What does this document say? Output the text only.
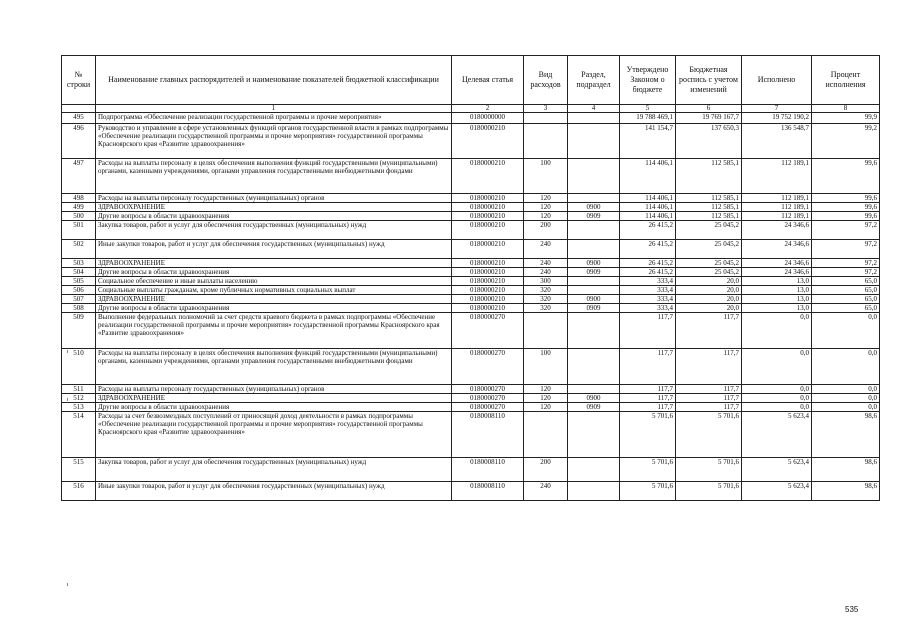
№ строки	Наименование главных распорядителей и наименование показателей бюджетной классификации	Целевая статья	Вид расходов	Раздел, подраздел	Утверждено Законом о бюджете	Бюджетная роспись с учетом изменений	Исполнено	Процент исполнения
	1	2	3	4	5	6	7	8
495	Подпрограмма «Обеспечение реализации государственной программы и прочие мероприятия»	0180000000			19 788 469,1	19 769 167,7	19 752 190,2	99,9
496	Руководство и управление в сфере установленных функций органов государственной власти в рамках подпрограммы «Обеспечение реализации государственной программы и прочие мероприятия» государственной программы Красноярского края «Развитие здравоохранения»	0180000210			141 154,7	137 650,3	136 548,7	99,2
497	Расходы на выплаты персоналу в целях обеспечения выполнения функций государственными (муниципальными) органами, казенными учреждениями, органами управления государственными внебюджетными фондами	0180000210	100		114 406,1	112 585,1	112 189,1	99,6
498	Расходы на выплаты персоналу государственных (муниципальных) органов	0180000210	120		114 406,1	112 585,1	112 189,1	99,6
499	ЗДРАВООХРАНЕНИЕ	0180000210	120	0900	114 406,1	112 585,1	112 189,1	99,6
500	Другие вопросы в области здравоохранения	0180000210	120	0909	114 406,1	112 585,1	112 189,1	99,6
501	Закупка товаров, работ и услуг для обеспечения государственных (муниципальных) нужд	0180000210	200		26 415,2	25 045,2	24 346,6	97,2
502	Иные закупки товаров, работ и услуг для обеспечения государственных (муниципальных) нужд	0180000210	240		26 415,2	25 045,2	24 346,6	97,2
503	ЗДРАВООХРАНЕНИЕ	0180000210	240	0900	26 415,2	25 045,2	24 346,6	97,2
504	Другие вопросы в области здравоохранения	0180000210	240	0909	26 415,2	25 045,2	24 346,6	97,2
505	Социальное обеспечение и иные выплаты населению	0180000210	300		333,4	20,0	13,0	65,0
506	Социальные выплаты гражданам, кроме публичных нормативных социальных выплат	0180000210	320		333,4	20,0	13,0	65,0
507	ЗДРАВООХРАНЕНИЕ	0180000210	320	0900	333,4	20,0	13,0	65,0
508	Другие вопросы в области здравоохранения	0180000210	320	0909	333,4	20,0	13,0	65,0
509	Выполнение федеральных полномочий за счет средств краевого бюджета в рамках подпрограммы «Обеспечение реализации государственной программы и прочие мероприятия» государственной программы Красноярского края «Развитие здравоохранения»	0180000270			117,7	117,7	0,0	0,0
510	Расходы на выплаты персоналу в целях обеспечения выполнения функций государственными (муниципальными) органами, казенными учреждениями, органами управления государственными внебюджетными фондами	0180000270	100		117,7	117,7	0,0	0,0
511	Расходы на выплаты персоналу государственных (муниципальных) органов	0180000270	120		117,7	117,7	0,0	0,0
512	ЗДРАВООХРАНЕНИЕ	0180000270	120	0900	117,7	117,7	0,0	0,0
513	Другие вопросы в области здравоохранения	0180000270	120	0909	117,7	117,7	0,0	0,0
514	Расходы за счет безвозмездных поступлений от приносящей доход деятельности в рамках подпрограммы «Обеспечение реализации государственной программы и прочие мероприятия» государственной программы Красноярского края «Развитие здравоохранения»	0180008110			5 701,6	5 701,6	5 623,4	98,6
515	Закупка товаров, работ и услуг для обеспечения государственных (муниципальных) нужд	0180008110	200		5 701,6	5 701,6	5 623,4	98,6
516	Иные закупки товаров, работ и услуг для обеспечения государственных (муниципальных) нужд	0180008110	240		5 701,6	5 701,6	5 623,4	98,6
535
